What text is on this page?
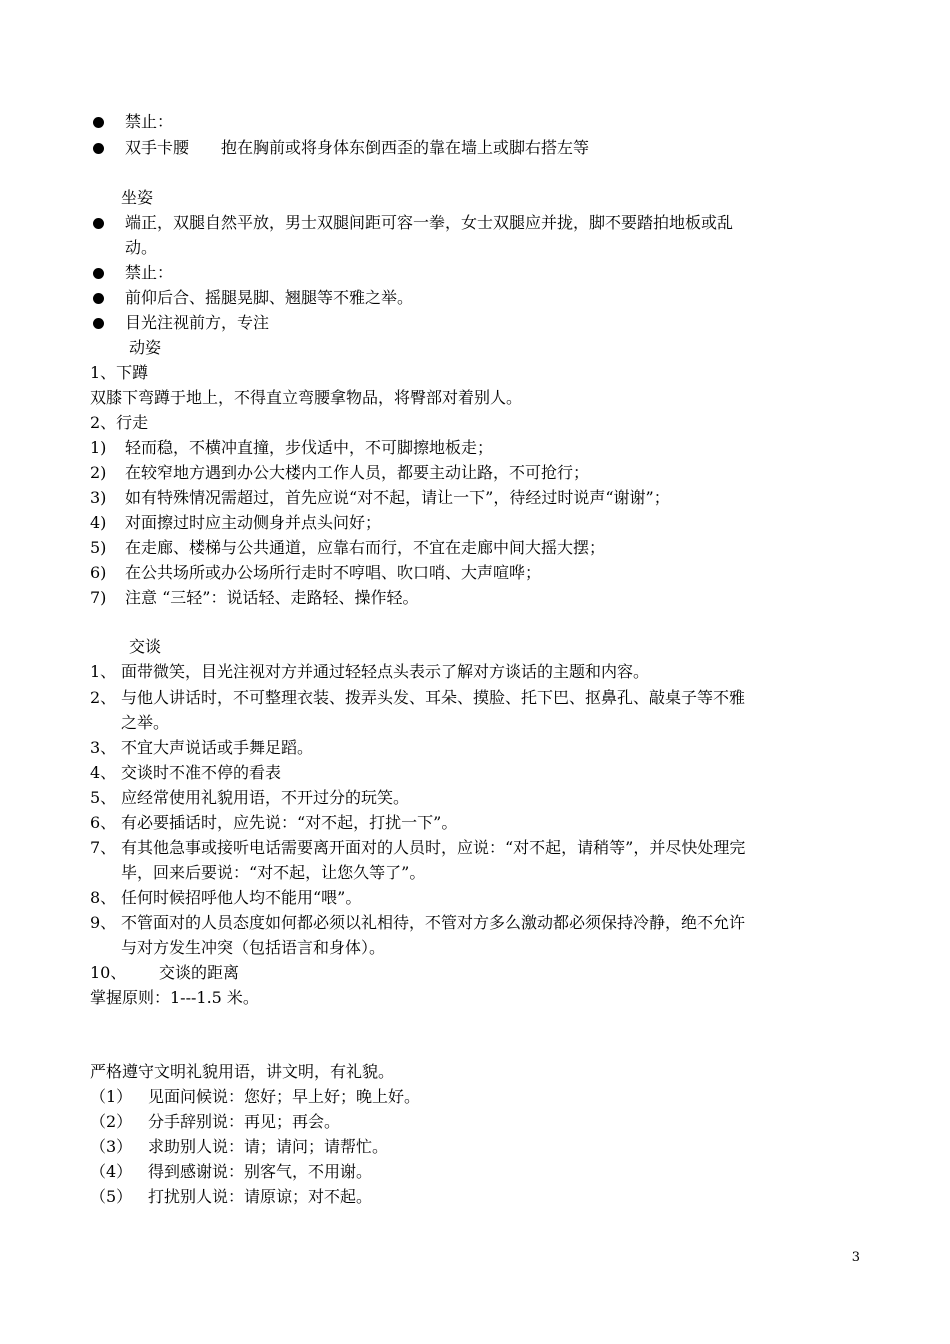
禁止：
双手卡腰　　抱在胸前或将身体东倒西歪的靠在墙上或脚右搭左等
坐姿
端正，双腿自然平放，男士双腿间距可容一拳，女士双腿应并拢，脚不要踏拍地板或乱
动。
禁止：
前仰后合、摇腿晃脚、翘腿等不雅之举。
目光注视前方，专注
动姿
1、下蹲
双膝下弯蹲于地上，不得直立弯腰拿物品，将臀部对着别人。
2、行走
1) 轻而稳，不横冲直撞，步伐适中，不可脚擦地板走；
2) 在较窄地方遇到办公大楼内工作人员，都要主动让路，不可抢行；
3) 如有特殊情况需超过，首先应说“对不起，请让一下”，待经过时说声“谢谢”；
4) 对面擦过时应主动侧身并点头问好；
5) 在走廊、楼梯与公共通道，应靠右而行，不宜在走廊中间大摇大摆；
6) 在公共场所或办公场所行走时不哼唱、吹口哨、大声喧哗；
7) 注意 “三轻”：说话轻、走路轻、操作轻。
交谈
1、 面带微笑，目光注视对方并通过轻轻点头表示了解对方谈话的主题和内容。
2、 与他人讲话时，不可整理衣装、拨弄头发、耳朵、摸脸、托下巴、抠鼻孔、敲桌子等不雅
之举。
3、 不宜大声说话或手舞足蹈。
4、 交谈时不准不停的看表
5、 应经常使用礼貌用语，不开过分的玩笑。
6、 有必要插话时，应先说：“对不起，打扰一下”。
7、 有其他急事或接听电话需要离开面对的人员时，应说：“对不起，请稍等”，并尽快处理完
毕，回来后要说：“对不起，让您久等了”。
8、 任何时候招呼他人均不能用“喂”。
9、 不管面对的人员态度如何都必须以礼相待，不管对方多么激动都必须保持冷静，绝不允许
与对方发生冲突（包括语言和身体）。
10、 交谈的距离
掌握原则：1---1.5 米。
严格遵守文明礼貌用语，讲文明，有礼貌。
（1） 见面问候说：您好；早上好；晚上好。
（2） 分手辞别说：再见；再会。
（3） 求助别人说：请；请问；请帮忙。
（4） 得到感谢说：别客气，不用谢。
（5） 打扰别人说：请原谅；对不起。
3
